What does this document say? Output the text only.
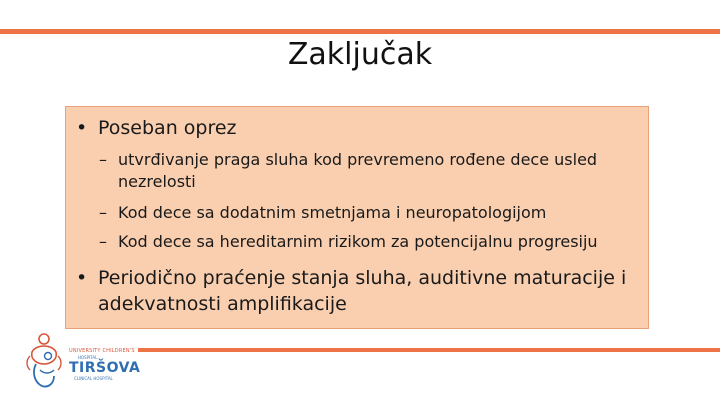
Zaključak
• Poseban oprez
– utvrđivanje praga sluha kod prevremeno rođene dece usled nezrelosti
– Kod dece sa dodatnim smetnjama i neuropatologijom
– Kod dece sa hereditarnim rizikom za potencijalnu progresiju
• Periodično praćenje stanja sluha, auditivne maturacije i adekvatnosti amplifikacije
UNIVERSITY CHILDREN'S
HOSPITAL
TIRŠOVA
CLINICAL HOSPITAL
